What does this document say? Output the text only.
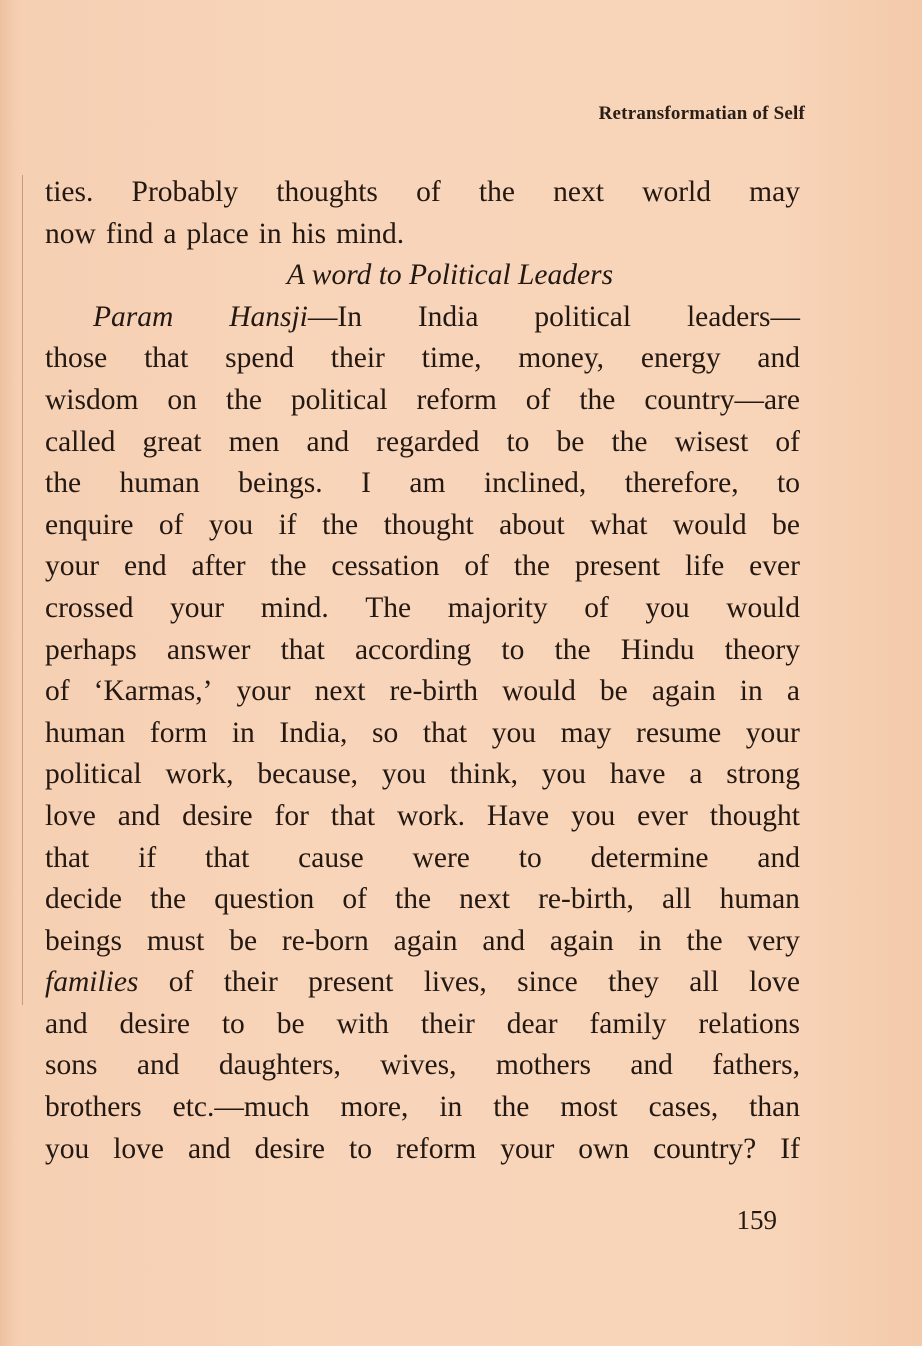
Retransformatian of Self
ties. Probably thoughts of the next world may
now find a place in his mind.
A word to Political Leaders
Param Hansji—In India political leaders—
those that spend their time, money, energy and
wisdom on the political reform of the country—are
called great men and regarded to be the wisest of
the human beings. I am inclined, therefore, to
enquire of you if the thought about what would be
your end after the cessation of the present life ever
crossed your mind. The majority of you would
perhaps answer that according to the Hindu theory
of ‘Karmas,’ your next re-birth would be again in a
human form in India, so that you may resume your
political work, because, you think, you have a strong
love and desire for that work. Have you ever thought
that if that cause were to determine and
decide the question of the next re-birth, all human
beings must be re-born again and again in the very
families of their present lives, since they all love
and desire to be with their dear family relations
sons and daughters, wives, mothers and fathers,
brothers etc.—much more, in the most cases, than
you love and desire to reform your own country? If
159
